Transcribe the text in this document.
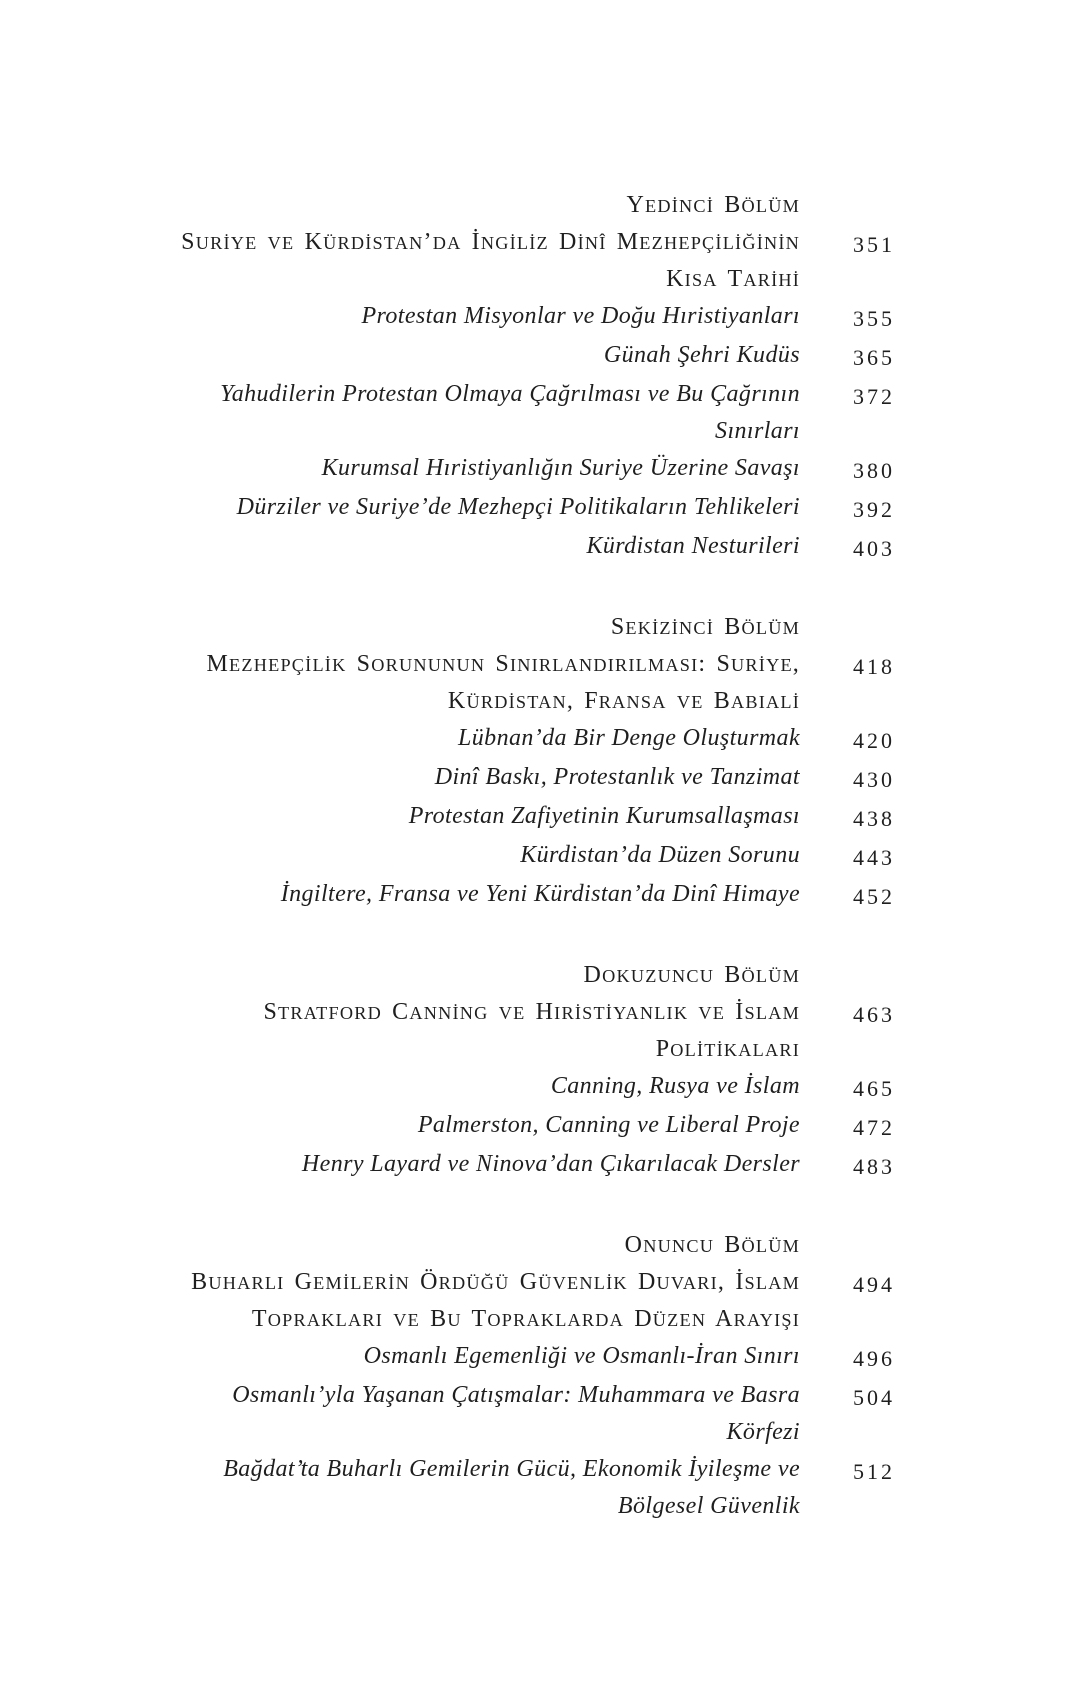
YEDİNCİ BÖLÜM
SURİYE VE KÜRDİSTAN’DA İNGİLİZ DİNÎ MEZHEPÇİLİĞİNİN
KISA TARİHİ
351
Protestan Misyonlar ve Doğu Hıristiyanları	355
Günah Şehri Kudüs	365
Yahudilerin Protestan Olmaya Çağrılması ve Bu Çağrının
Sınırları
372
Kurumsal Hıristiyanlığın Suriye Üzerine Savaşı	380
Dürziler ve Suriye’de Mezhepçi Politikaların Tehlikeleri	392
Kürdistan Nesturileri	403
SEKİZİNCİ BÖLÜM
MEZHEPÇİLİK SORUNUNUN SINIRLANDIRILMASI: SURİYE,
KÜRDİSTAN, FRANSA VE BABIALİ
418
Lübnan’da Bir Denge Oluşturmak	420
Dinî Baskı, Protestanlık ve Tanzimat	430
Protestan Zafiyetinin Kurumsallaşması	438
Kürdistan’da Düzen Sorunu	443
İngiltere, Fransa ve Yeni Kürdistan’da Dinî Himaye	452
DOKUZUNCU BÖLÜM
STRATFORD CANNİNG VE HIRİSTİYANLIK VE İSLAM
POLİTİKALARI
463
Canning, Rusya ve İslam	465
Palmerston, Canning ve Liberal Proje	472
Henry Layard ve Ninova’dan Çıkarılacak Dersler	483
ONUNCU BÖLÜM
BUHARLI GEMİLERİN ÖRDÜĞÜ GÜVENLİK DUVARI, İSLAM
TOPRAKLARI VE BU TOPRAKLARDA DÜZEN ARAYIŞI
494
Osmanlı Egemenliği ve Osmanlı-İran Sınırı	496
Osmanlı’yla Yaşanan Çatışmalar: Muhammara ve Basra
Körfezi
504
Bağdat’ta Buharlı Gemilerin Gücü, Ekonomik İyileşme ve
Bölgesel Güvenlik
512
